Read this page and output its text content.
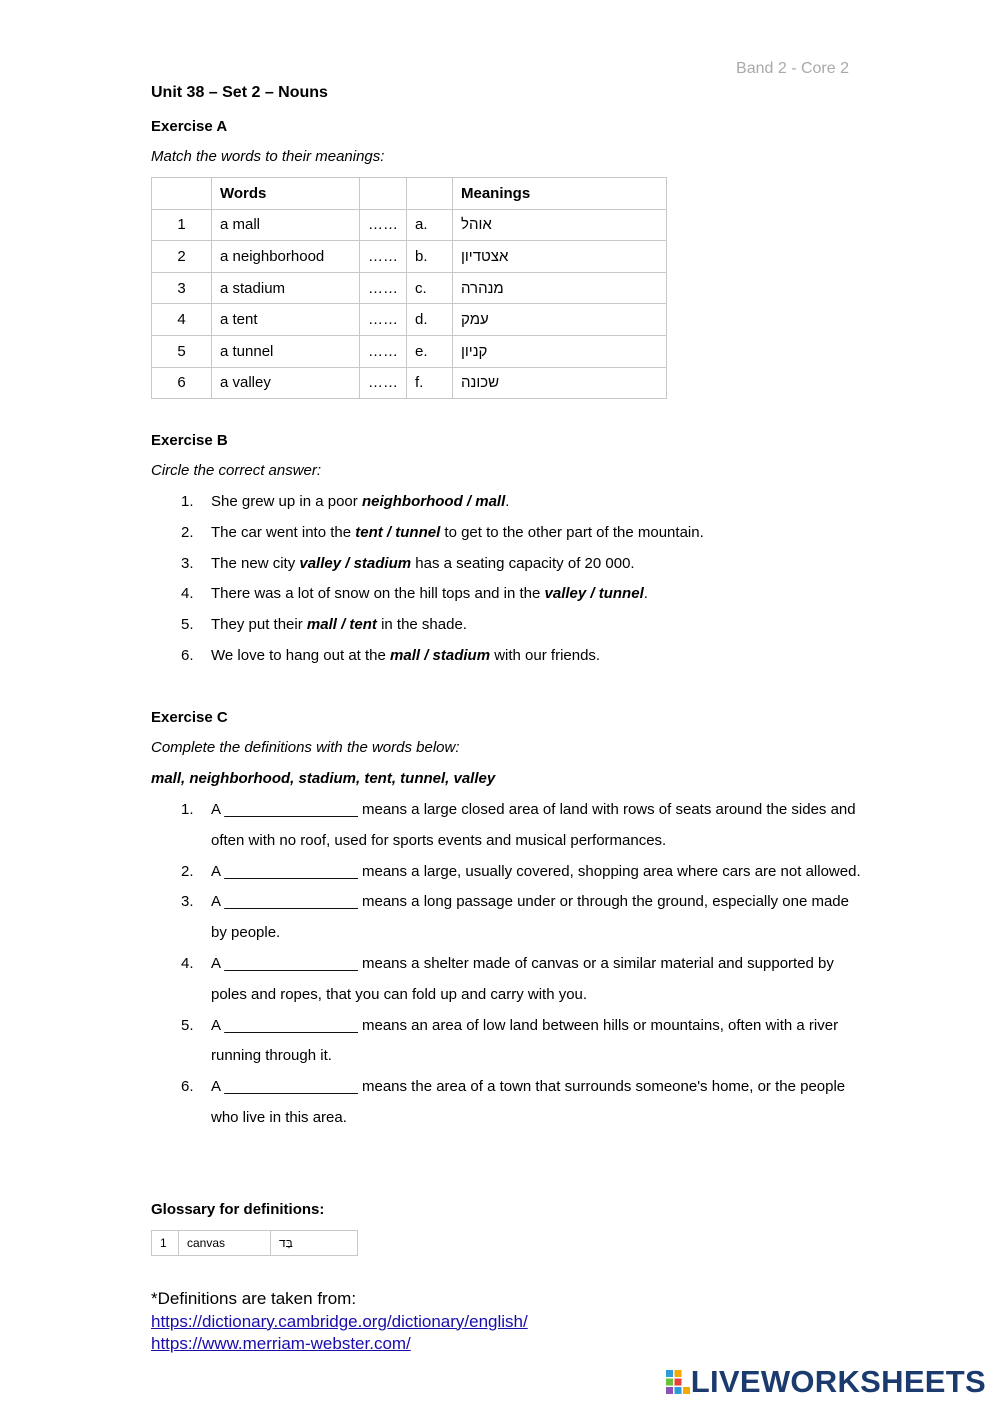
Band 2 - Core 2
Unit 38 – Set 2 – Nouns
Exercise A
Match the words to their meanings:
	Words			Meanings
1	a mall	……	a.	אוהל
2	a neighborhood	……	b.	אצטדיון
3	a stadium	……	c.	מנהרה
4	a tent	……	d.	עמק
5	a tunnel	……	e.	קניון
6	a valley	……	f.	שכונה
Exercise B
Circle the correct answer:
1. She grew up in a poor neighborhood / mall.
2. The car went into the tent / tunnel to get to the other part of the mountain.
3. The new city valley / stadium has a seating capacity of 20 000.
4. There was a lot of snow on the hill tops and in the valley / tunnel.
5. They put their mall / tent in the shade.
6. We love to hang out at the mall / stadium with our friends.
Exercise C
Complete the definitions with the words below:
mall, neighborhood, stadium, tent, tunnel, valley
1. A ________________ means a large closed area of land with rows of seats around the sides and often with no roof, used for sports events and musical performances.
2. A ________________ means a large, usually covered, shopping area where cars are not allowed.
3. A ________________ means a long passage under or through the ground, especially one made by people.
4. A ________________ means a shelter made of canvas or a similar material and supported by poles and ropes, that you can fold up and carry with you.
5. A ________________ means an area of low land between hills or mountains, often with a river running through it.
6. A ________________ means the area of a town that surrounds someone's home, or the people who live in this area.
Glossary for definitions:
1	canvas	בַּד
*Definitions are taken from:
https://dictionary.cambridge.org/dictionary/english/
https://www.merriam-webster.com/
LIVEWORKSHEETS
